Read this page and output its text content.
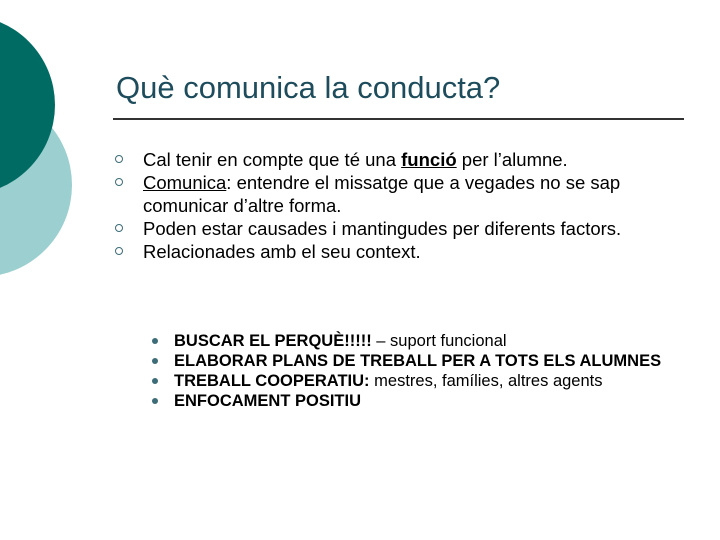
Què comunica la conducta?
Cal tenir en compte que té una funció per l’alumne.
Comunica: entendre el missatge que a vegades no se sap comunicar d’altre forma.
Poden estar causades i mantingudes per diferents factors.
Relacionades amb el seu context.
BUSCAR EL PERQUÈ!!!!! – suport funcional
ELABORAR PLANS DE TREBALL PER A TOTS ELS ALUMNES
TREBALL COOPERATIU: mestres, famílies, altres agents
ENFOCAMENT POSITIU
